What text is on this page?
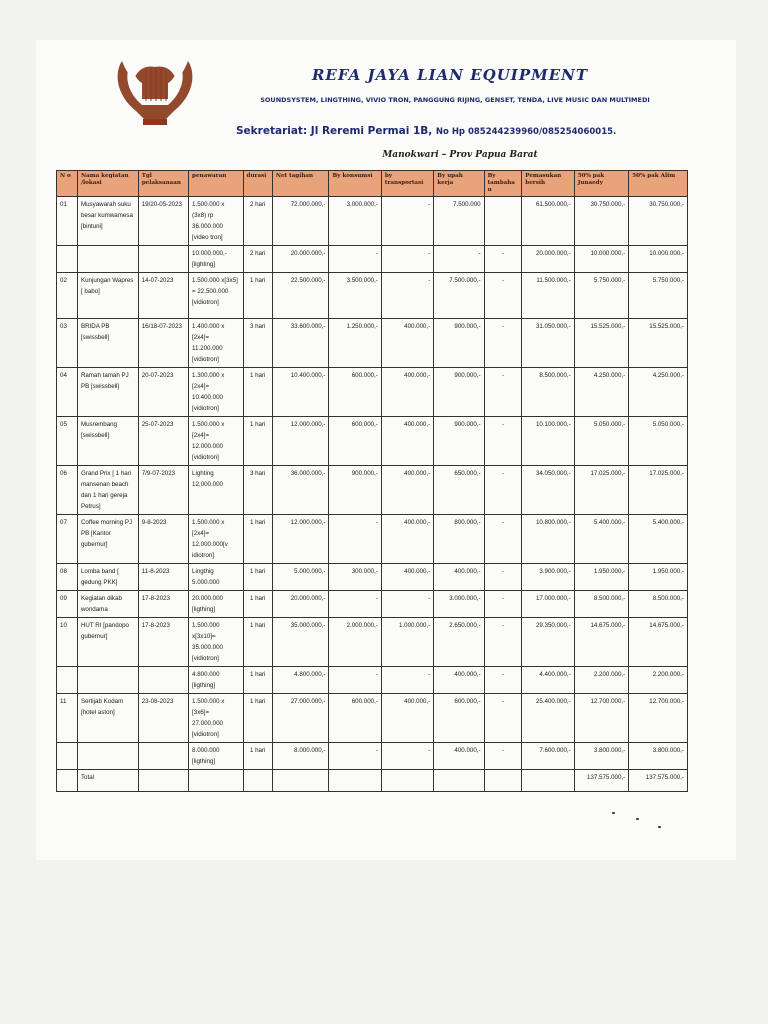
REFA JAYA LIAN EQUIPMENT
SOUNDSYSTEM, LINGTHING, VIVIO TRON, PANGGUNG RIJING, GENSET, TENDA, LIVE MUSIC DAN MULTIMEDI
Sekretariat: Jl Reremi Permai 1B, No Hp 085244239960/085254060015.
Manokwari – Prov Papua Barat
N o	Nama kegiatan /lokasi	Tgl pelaksanaan	penawaran	durasi	Net tagihan	By konsumsi	by transportasi	By upah kerja	By tambaha n	Pemasukan bersih	50% pak Junaedy	50% pak Alim
01	Musyawarah suku besar kumwamesa [bintuni]	19/20-05-2023	1.500.000 x (3x8) rp 36.000.000 [video tron]	2 hari	72.000.000,-	3.000.000,-	-	7.500.000		61.500.000,-	30.750.000,-	30.750.000,-
			10.000.000,- [lighting]	2 hari	20.000.000,-	-	-	-	-	20.000.000,-	10.000.000,-	10.000.000,-
02	Kunjungan Wapres [ babo]	14-07-2023	1.500.000 x[3x5] = 22.500.000 [vidiotron]	1 hari	22.500.000,-	3.500.000,-	-	7.500.000,-	-	11.500.000,-	5.750.000,-	5.750.000,-
03	BRIDA PB [swissbell]	16/18-07-2023	1.400.000 x [2x4]= 11.200.000 [vidiotron]	3 hari	33.600.000,-	1.250.000,-	400.000,-	900.000,-	-	31.050.000,-	15.525.000,-	15.525.000,-
04	Ramah tamah PJ PB [swissbell]	20-07-2023	1.300.000 x [2x4]= 10.400.000 [vidiotron]	1 hari	10.400.000,-	600.000,-	400.000,-	900.000,-	-	8.500.000,-	4.250.000,-	4.250.000,-
05	Musrembang [swissbell]	25-07-2023	1.500.000 x [2x4]= 12.000.000 [vidiotron]	1 hari	12.000.000,-	600.000,-	400.000,-	900.000,-	-	10.100.000,-	5.050.000,-	5.050.000,-
06	Grand Prix [ 1 hari mansenan beach dan 1 hari gereja Petrus]	7/9-07-2023	Lighting 12.000.000	3 hari	36.000.000,-	900.000,-	400.000,-	650.000,-	-	34.050.000,-	17.025.000,-	17.025.000,-
07	Coffee morning PJ PB [Kantor gubernur]	9-8-2023	1.500.000 x [2x4]= 12.000.000[v idiotron]	1 hari	12.000.000,-	-	400.000,-	800.000,-	-	10.800.000,-	5.400.000,-	5.400.000,-
08	Lomba band [ gedung PKK]	11-8-2023	Lingthig 5.000.000	1 hari	5.000.000,-	300.000,-	400.000,-	400.000,-	-	3.900.000,-	1.950.000,-	1.950.000,-
09	Kegiatan dikab wondama	17-8-2023	20.000.000 [ligthing]	1 hari	20.000.000,-	-	-	3.000.000,-	-	17.000.000,-	8.500.000,-	8.500.000,-
10	HUT RI [pandopo gubernur]	17-8-2023	1.500.000 x[3x10]= 35.000.000 [vidiotron]	1 hari	35.000.000,-	2.000.000,-	1.000.000,-	2.650.000,-	-	29.350.000,-	14.675.000,-	14.675.000,-
			4.800.000 [ligthing]	1 hari	4.800.000,-	-	-	400.000,-	-	4.400.000,-	2.200.000,-	2.200.000,-
11	Sertijab Kodam [hotel aston]	23-08-2023	1.500.000 x [3x6]= 27.000.000 [vidiotron]	1 hari	27.000.000,-	600.000,-	400.000,-	600.000,-	-	25.400.000,-	12.700.000,-	12.700.000,-
			8.000.000 [ligthing]	1 hari	8.000.000,-	-	-	400.000,-	-	7.600.000,-	3.800.000,-	3.800.000,-
	Total										137.575.000,-	137.575.000,-
